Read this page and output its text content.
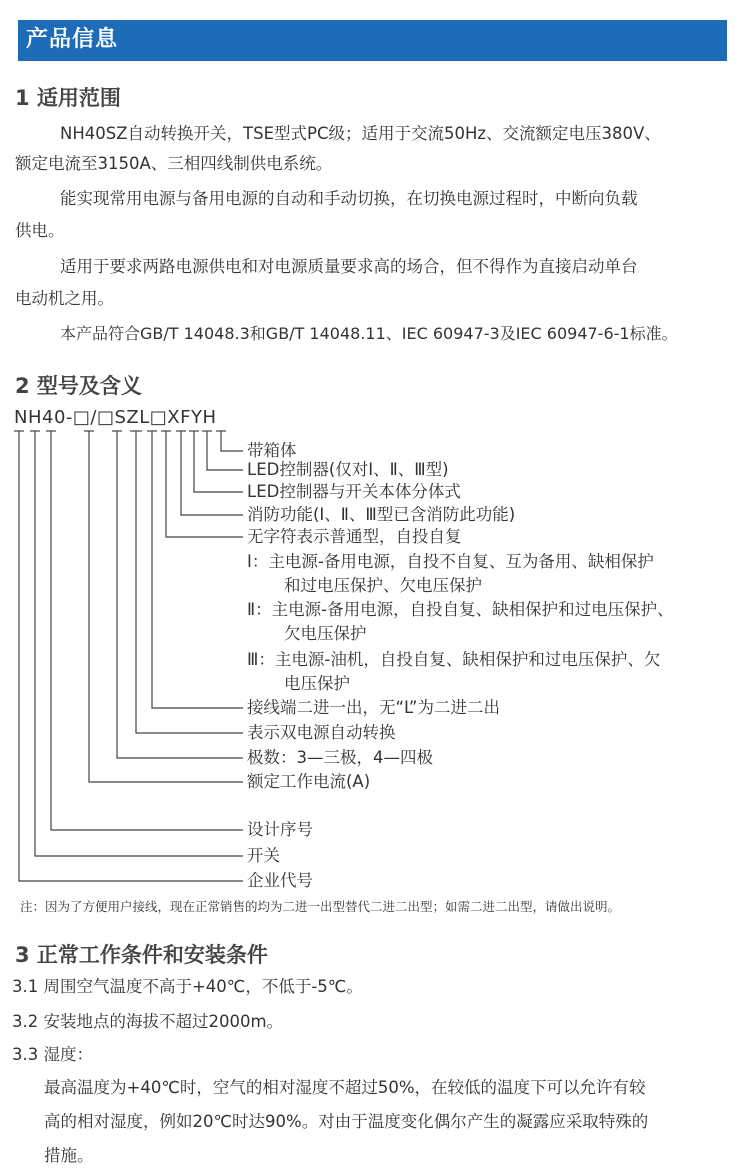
产品信息
1 适用范围
NH40SZ自动转换开关，TSE型式PC级；适用于交流50Hz、交流额定电压380V、
额定电流至3150A、三相四线制供电系统。
能实现常用电源与备用电源的自动和手动切换，在切换电源过程时，中断向负载
供电。
适用于要求两路电源供电和对电源质量要求高的场合，但不得作为直接启动单台
电动机之用。
本产品符合GB/T 14048.3和GB/T 14048.11、IEC 60947-3及IEC 60947-6-1标准。
2 型号及含义
NH40-□/□SZL□XFYH
带箱体
LED控制器(仅对I、Ⅱ、Ⅲ型)
LED控制器与开关本体分体式
消防功能(I、Ⅱ、Ⅲ型已含消防此功能)
无字符表示普通型，自投自复
Ⅰ：主电源-备用电源，自投不自复、互为备用、缺相保护
和过电压保护、欠电压保护
Ⅱ：主电源-备用电源，自投自复、缺相保护和过电压保护、
欠电压保护
Ⅲ：主电源-油机，自投自复、缺相保护和过电压保护、欠
电压保护
接线端二进一出，无“L”为二进二出
表示双电源自动转换
极数：3—三极，4—四极
额定工作电流(A)
设计序号
开关
企业代号
注：因为了方便用户接线，现在正常销售的均为二进一出型替代二进二出型；如需二进二出型，请做出说明。
3 正常工作条件和安装条件
3.1 周围空气温度不高于+40℃，不低于-5℃。
3.2 安装地点的海拔不超过2000m。
3.3 湿度：
最高温度为+40℃时，空气的相对湿度不超过50%，在较低的温度下可以允许有较
高的相对湿度，例如20℃时达90%。对由于温度变化偶尔产生的凝露应采取特殊的
措施。
